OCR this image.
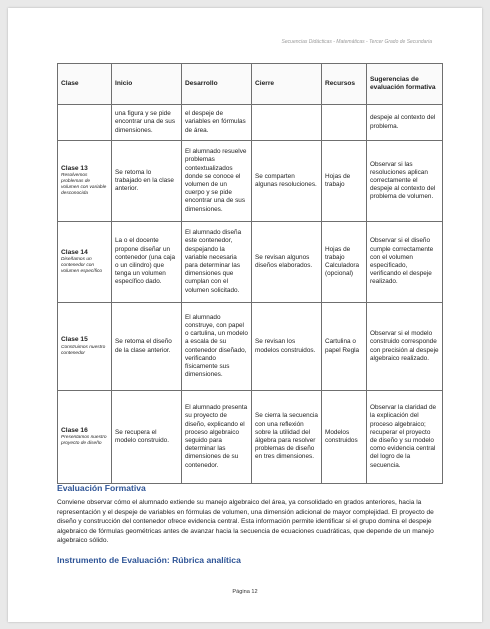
Secuencias Didácticas - Matemáticas - Tercer Grado de Secundaria
Clase	Inicio	Desarrollo	Cierre	Recursos	Sugerencias de evaluación formativa

	una figura y se pide encontrar una de sus dimensiones.	el despeje de variables en fórmulas de área.			despeje al contexto del problema.

Clase 13
Resolvemos problemas de volumen con variable desconocida	Se retoma lo trabajado en la clase anterior.	El alumnado resuelve problemas contextualizados donde se conoce el volumen de un cuerpo y se pide encontrar una de sus dimensiones.	Se comparten algunas resoluciones.	Hojas de trabajo	Observar si las resoluciones aplican correctamente el despeje al contexto del problema de volumen.

Clase 14
Diseñamos un contenedor con volumen específico	La o el docente propone diseñar un contenedor (una caja o un cilindro) que tenga un volumen específico dado.	El alumnado diseña este contenedor, despejando la variable necesaria para determinar las dimensiones que cumplan con el volumen solicitado.	Se revisan algunos diseños elaborados.	Hojas de trabajo Calculadora (opcional)	Observar si el diseño cumple correctamente con el volumen especificado, verificando el despeje realizado.

Clase 15
Construimos nuestro contenedor	Se retoma el diseño de la clase anterior.	El alumnado construye, con papel o cartulina, un modelo a escala de su contenedor diseñado, verificando físicamente sus dimensiones.	Se revisan los modelos construidos.	Cartulina o papel Regla	Observar si el modelo construido corresponde con precisión al despeje algebraico realizado.

Clase 16
Presentamos nuestro proyecto de diseño	Se recupera el modelo construido.	El alumnado presenta su proyecto de diseño, explicando el proceso algebraico seguido para determinar las dimensiones de su contenedor.	Se cierra la secuencia con una reflexión sobre la utilidad del álgebra para resolver problemas de diseño en tres dimensiones.	Modelos construidos	Observar la claridad de la explicación del proceso algebraico; recuperar el proyecto de diseño y su modelo como evidencia central del logro de la secuencia.
Evaluación Formativa
Conviene observar cómo el alumnado extiende su manejo algebraico del área, ya consolidado en grados anteriores, hacia la representación y el despeje de variables en fórmulas de volumen, una dimensión adicional de mayor complejidad. El proyecto de diseño y construcción del contenedor ofrece evidencia central. Esta información permite identificar si el grupo domina el despeje algebraico de fórmulas geométricas antes de avanzar hacia la secuencia de ecuaciones cuadráticas, que depende de un manejo algebraico sólido.
Instrumento de Evaluación: Rúbrica analítica
Página 12
